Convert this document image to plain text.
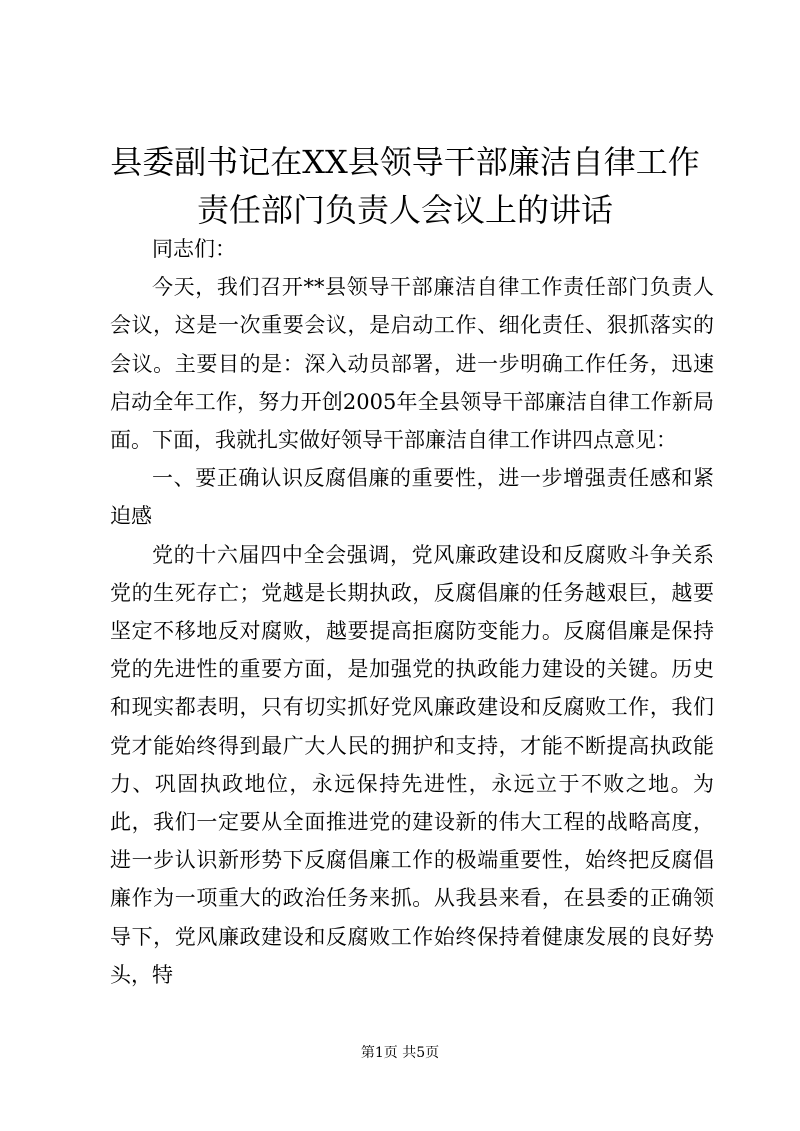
县委副书记在XX县领导干部廉洁自律工作责任部门负责人会议上的讲话

同志们：

今天，我们召开**县领导干部廉洁自律工作责任部门负责人会议，这是一次重要会议，是启动工作、细化责任、狠抓落实的会议。主要目的是：深入动员部署，进一步明确工作任务，迅速启动全年工作，努力开创2005年全县领导干部廉洁自律工作新局面。下面，我就扎实做好领导干部廉洁自律工作讲四点意见：

一、要正确认识反腐倡廉的重要性，进一步增强责任感和紧迫感

党的十六届四中全会强调，党风廉政建设和反腐败斗争关系党的生死存亡；党越是长期执政，反腐倡廉的任务越艰巨，越要坚定不移地反对腐败，越要提高拒腐防变能力。反腐倡廉是保持党的先进性的重要方面，是加强党的执政能力建设的关键。历史和现实都表明，只有切实抓好党风廉政建设和反腐败工作，我们党才能始终得到最广大人民的拥护和支持，才能不断提高执政能力、巩固执政地位，永远保持先进性，永远立于不败之地。为此，我们一定要从全面推进党的建设新的伟大工程的战略高度，进一步认识新形势下反腐倡廉工作的极端重要性，始终把反腐倡廉作为一项重大的政治任务来抓。从我县来看，在县委的正确领导下，党风廉政建设和反腐败工作始终保持着健康发展的良好势头，特

第1页 共5页
